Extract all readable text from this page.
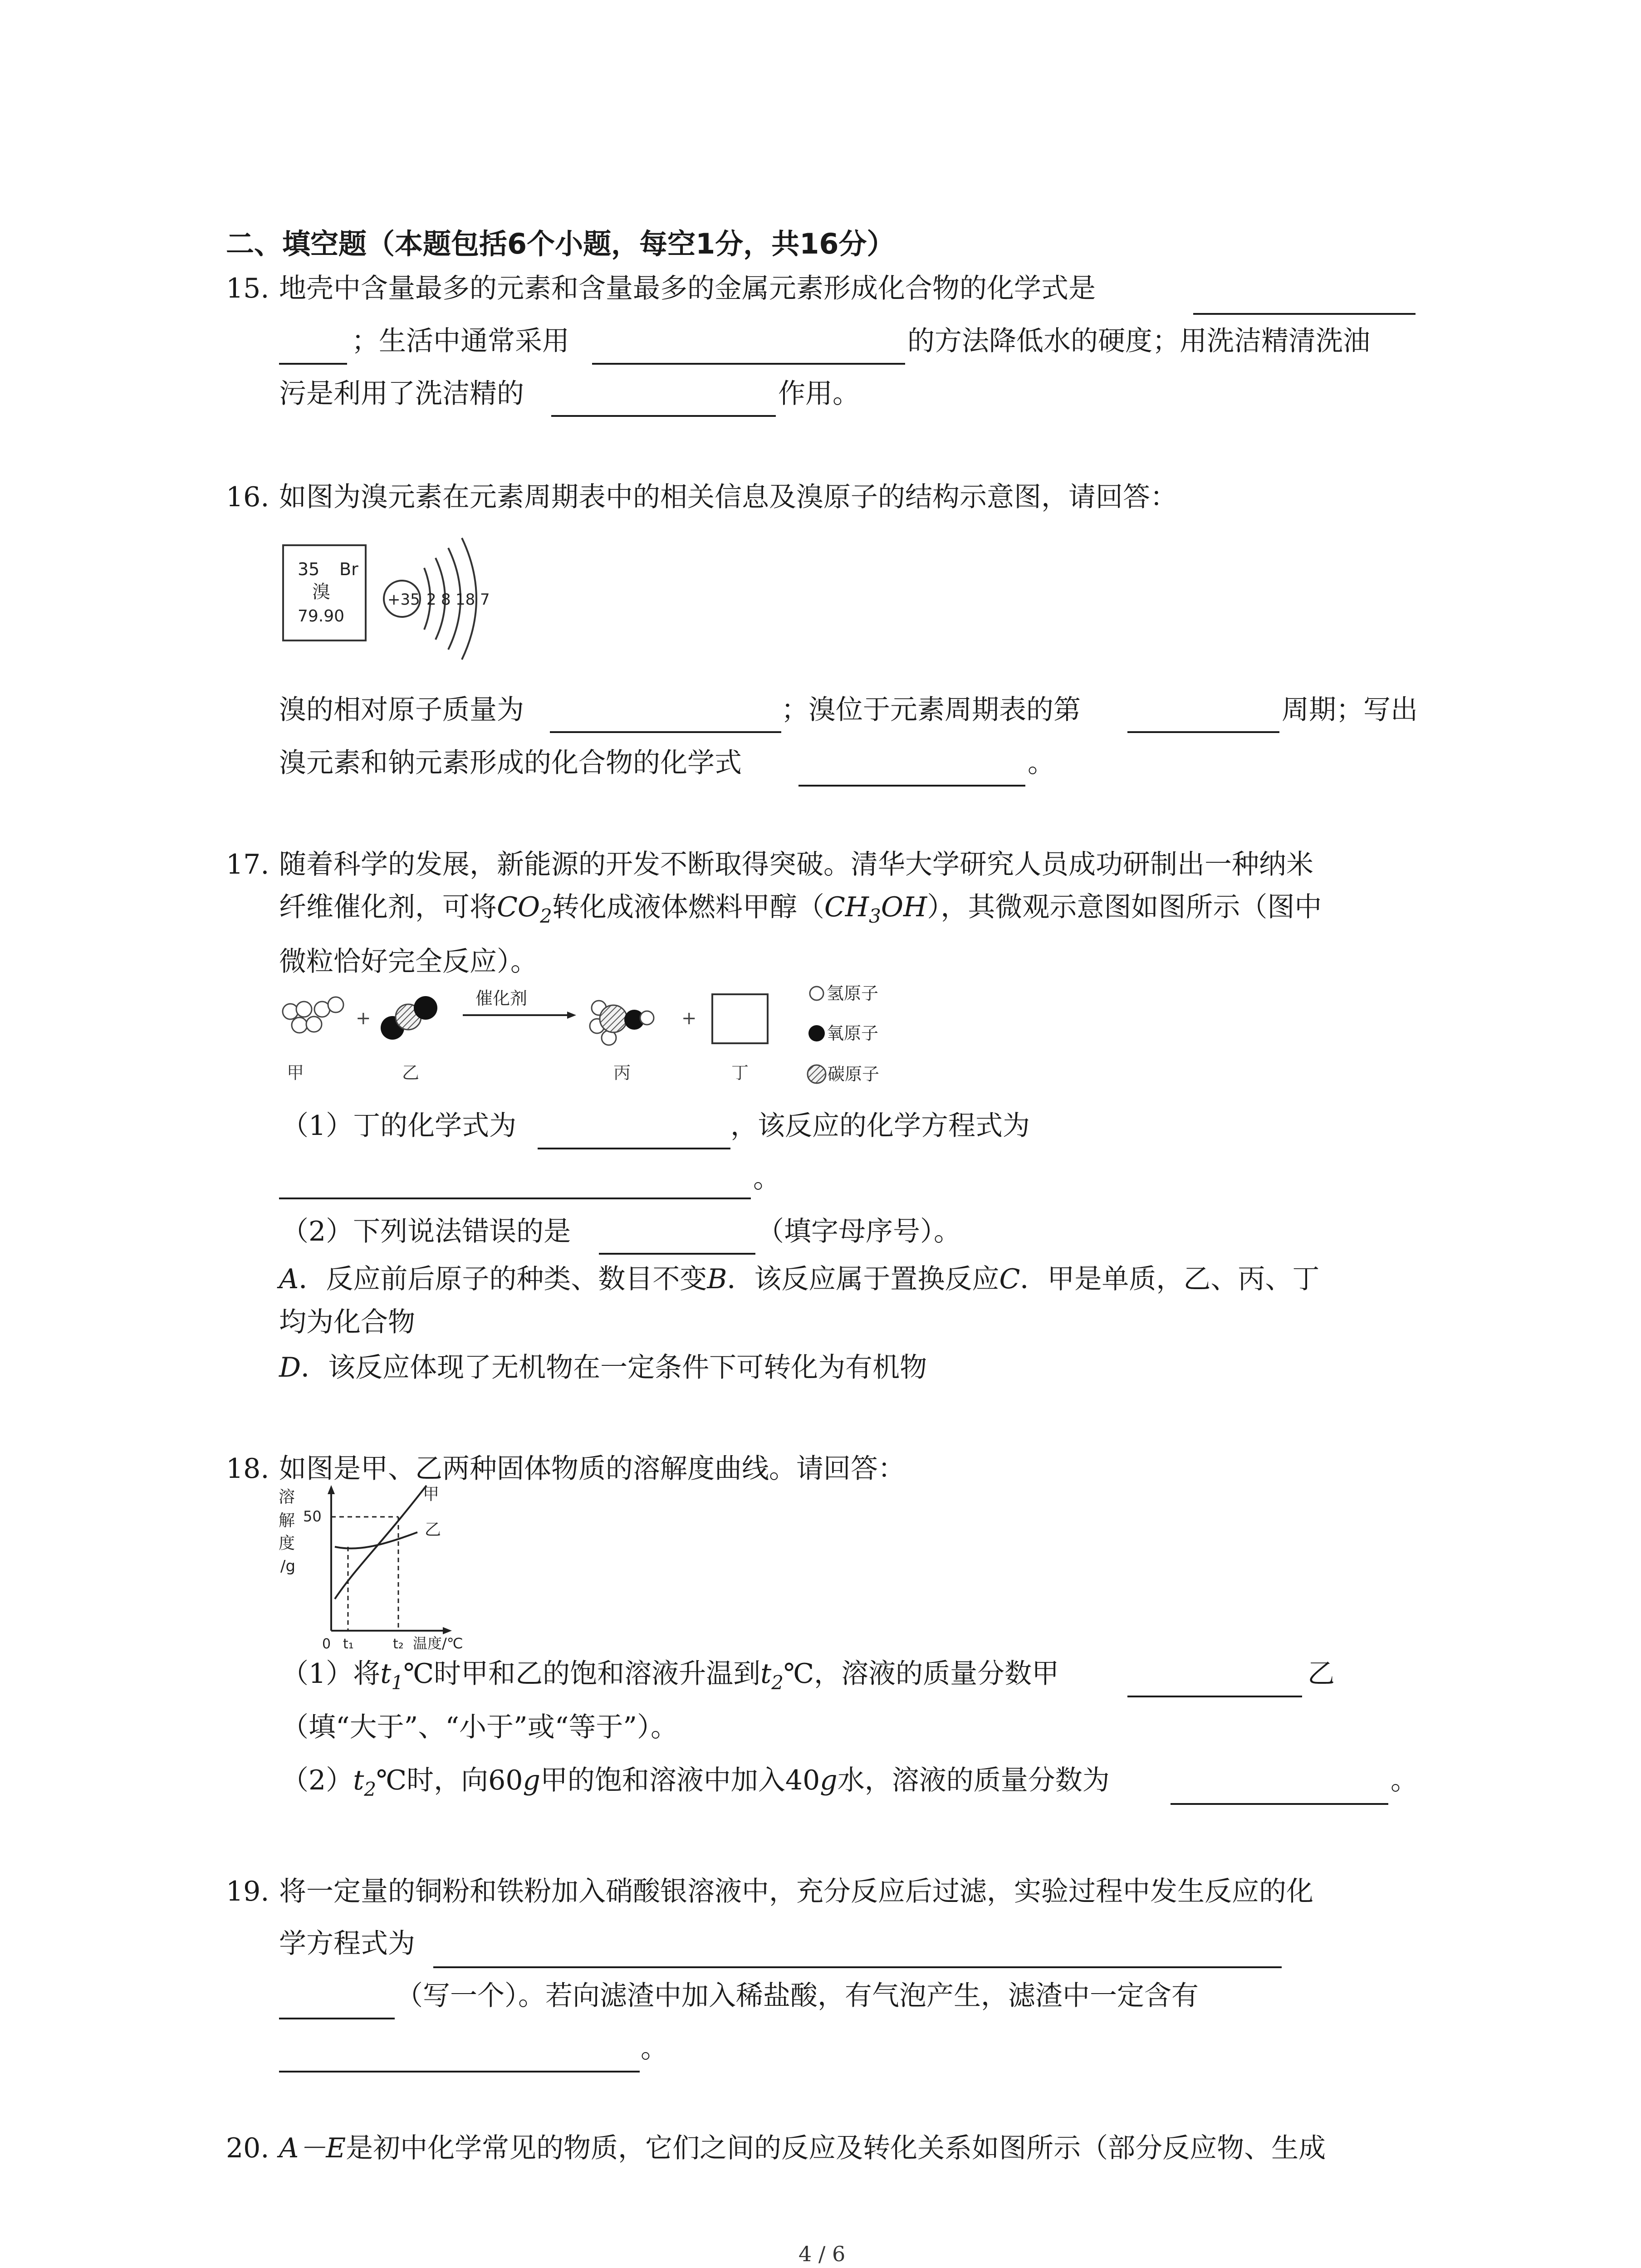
二、填空题（本题包括6个小题，每空1分，共16分）
15. 地壳中含量最多的元素和含量最多的金属元素形成化合物的化学式是
；生活中通常采用	的方法降低水的硬度；用洗洁精清洗油
污是利用了洗洁精的	作用。
16. 如图为溴元素在元素周期表中的相关信息及溴原子的结构示意图，请回答：
35 Br
溴
79.90
+35 2 8 18 7
溴的相对原子质量为	；溴位于元素周期表的第	周期；写出
溴元素和钠元素形成的化合物的化学式	。
17. 随着科学的发展，新能源的开发不断取得突破。清华大学研究人员成功研制出一种纳米
纤维催化剂，可将$CO_2$转化成液体燃料甲醇$(CH_3OH)$，其微观示意图如图所示（图中
微粒恰好完全反应）。
+
催化剂
+
甲	乙	丙	丁
氢原子
氧原子
碳原子
（1）丁的化学式为	，该反应的化学方程式为
。
（2）下列说法错误的是	（填字母序号）。
A．反应前后原子的种类、数目不变B．该反应属于置换反应C．甲是单质，乙、丙、丁
均为化合物
D．该反应体现了无机物在一定条件下可转化为有机物
18. 如图是甲、乙两种固体物质的溶解度曲线。请回答：
溶
解
度
/g
50
甲
乙
0 t₁	t₂ 温度/℃
（1）将$t_1℃$时甲和乙的饱和溶液升温到$t_2℃$，溶液的质量分数甲	乙
（填“大于”、“小于”或“等于”）。
$(2)t_2℃$时，向60g甲的饱和溶液中加入40g水，溶液的质量分数为	。
19. 将一定量的铜粉和铁粉加入硝酸银溶液中，充分反应后过滤，实验过程中发生反应的化
学方程式为
（写一个）。若向滤渣中加入稀盐酸，有气泡产生，滤渣中一定含有
。
20. A－E是初中化学常见的物质，它们之间的反应及转化关系如图所示（部分反应物、生成
4 / 6
